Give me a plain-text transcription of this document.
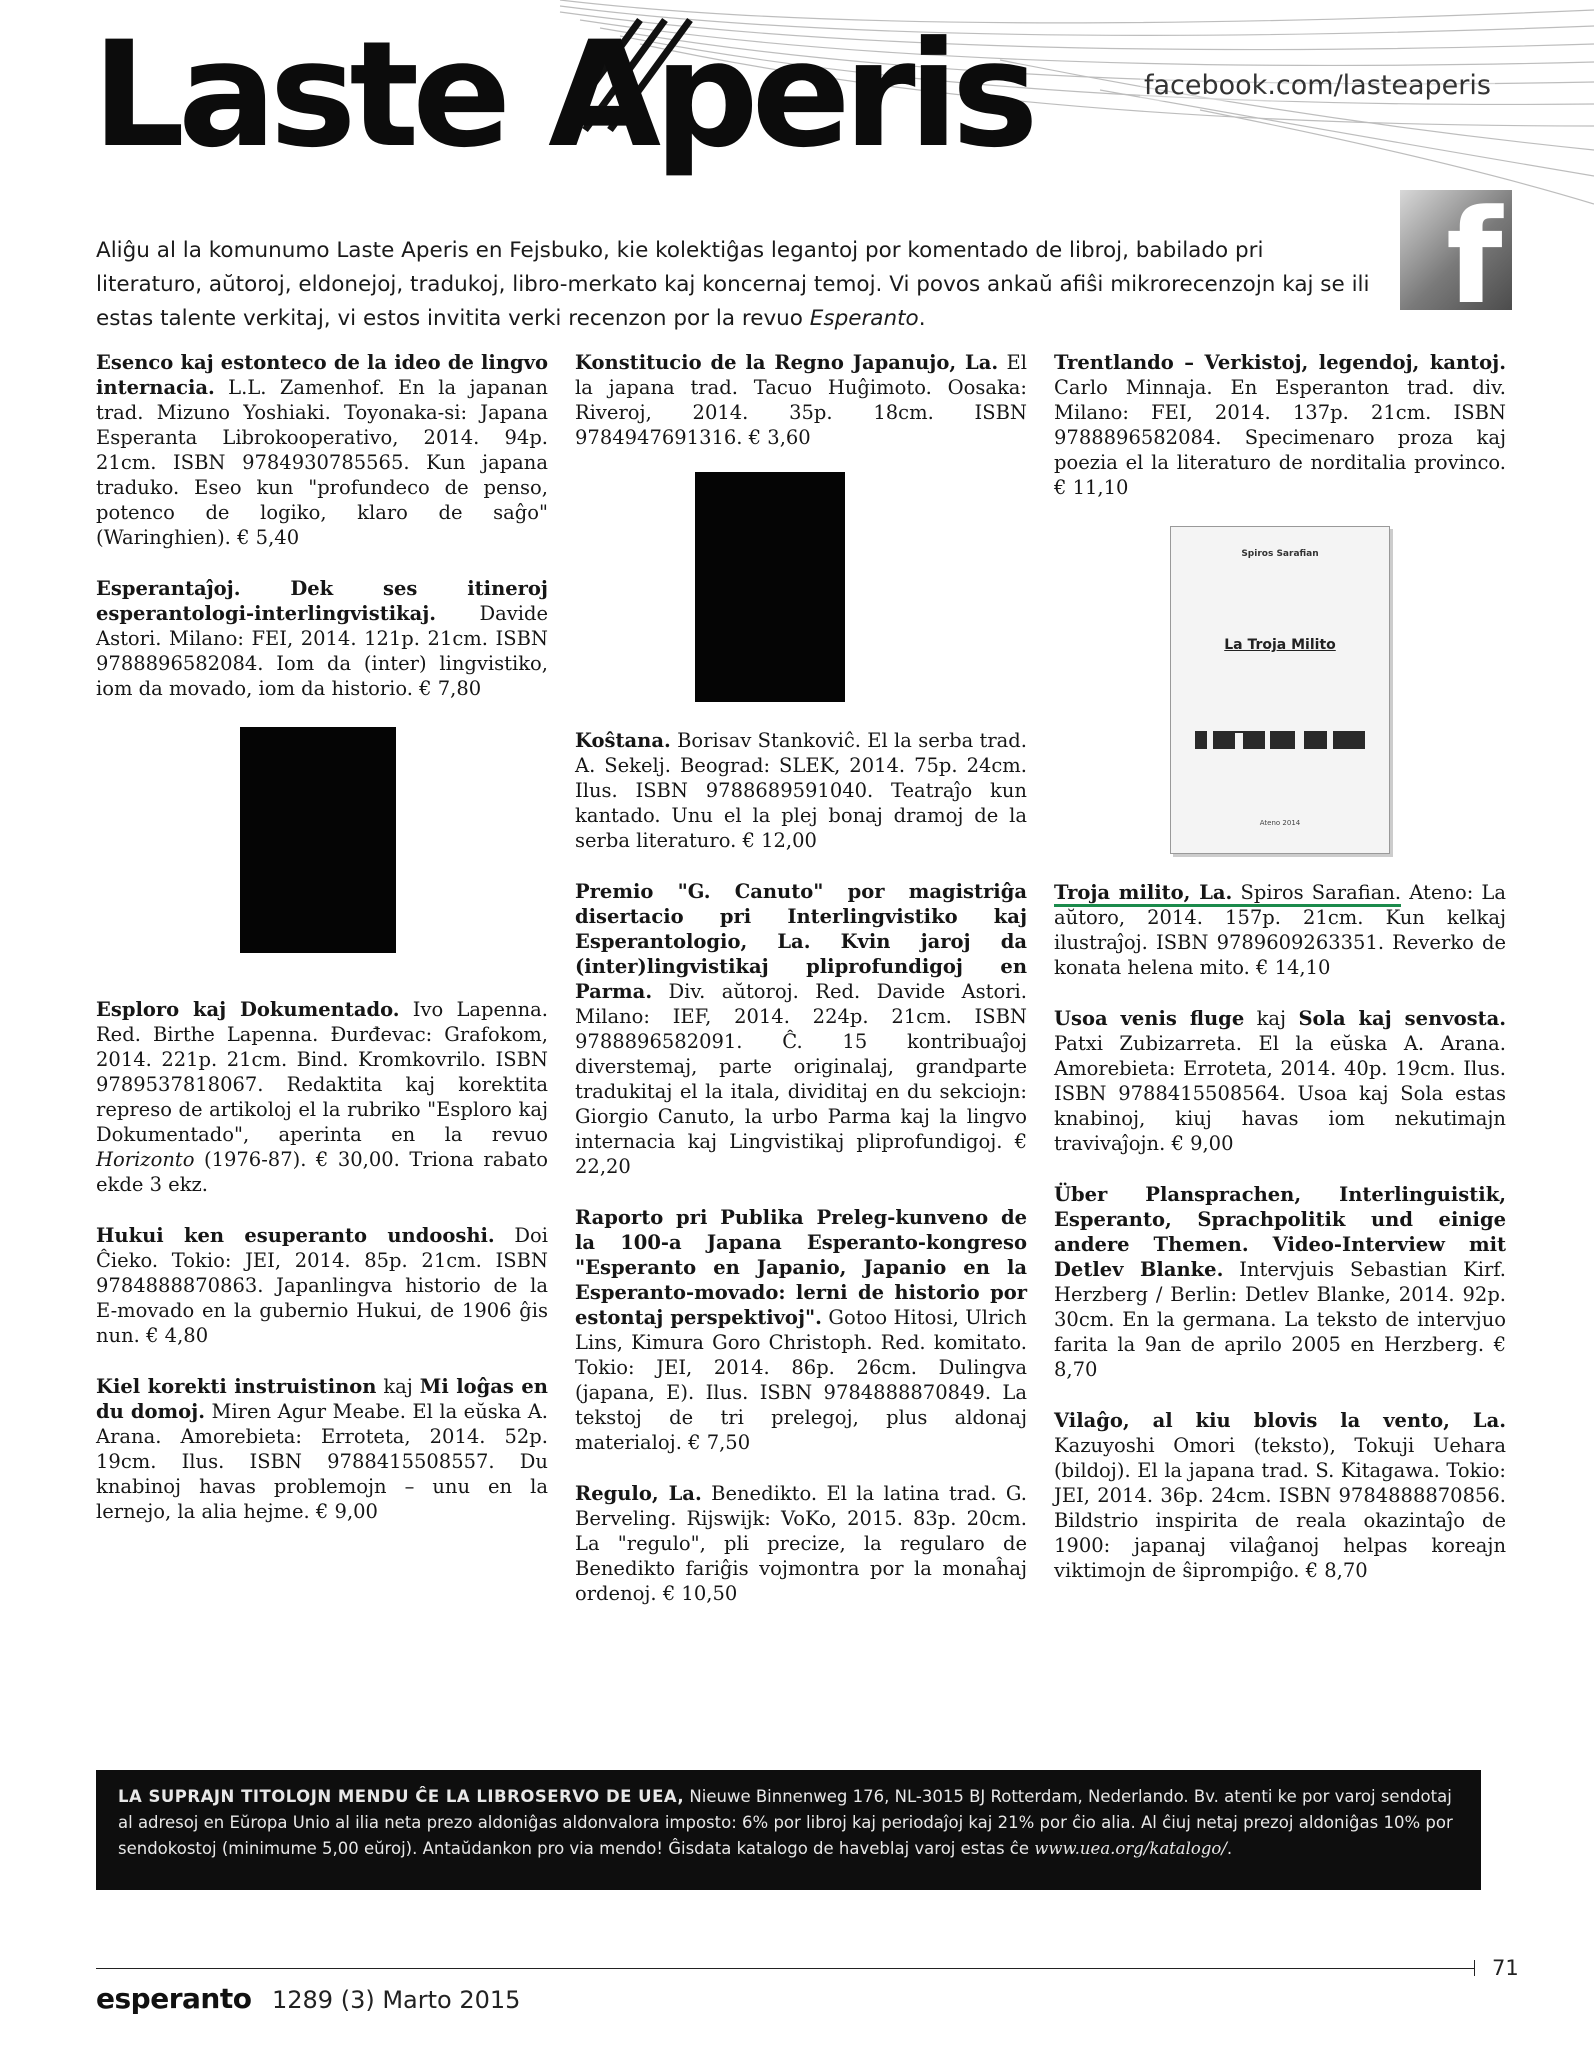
Laste Aperis	facebook.com/lasteaperis

Aliĝu al la komunumo Laste Aperis en Fejsbuko, kie kolektiĝas legantoj por komentado de libroj, babilado pri literaturo, aŭtoroj, eldonejoj, tradukoj, libro-merkato kaj koncernaj temoj. Vi povos ankaŭ afiŝi mikrorecenzojn kaj se ili estas talente verkitaj, vi estos invitita verki recenzon por la revuo Esperanto.	f

Esenco kaj estonteco de la ideo de lingvo internacia. L.L. Zamenhof. En la japanan trad. Mizuno Yoshiaki. Toyonaka-si: Japana Esperanta Librokooperativo, 2014. 94p. 21cm. ISBN 9784930785565. Kun japana traduko. Eseo kun "profundeco de penso, potenco de logiko, klaro de saĝo" (Waringhien). € 5,40

Esperantaĵoj. Dek ses itineroj esperantologi-interlingvistikaj. Davide Astori. Milano: FEI, 2014. 121p. 21cm. ISBN 9788896582084. Iom da (inter) lingvistiko, iom da movado, iom da historio. € 7,80

Esploro kaj Dokumentado. Ivo Lapenna. Red. Birthe Lapenna. Đurđevac: Grafokom, 2014. 221p. 21cm. Bind. Kromkovrilo. ISBN 9789537818067. Redaktita kaj korektita represo de artikoloj el la rubriko "Esploro kaj Dokumentado", aperinta en la revuo Horizonto (1976-87). € 30,00. Triona rabato ekde 3 ekz.

Hukui ken esuperanto undooshi. Doi Ĉieko. Tokio: JEI, 2014. 85p. 21cm. ISBN 9784888870863. Japanlingva historio de la E-movado en la gubernio Hukui, de 1906 ĝis nun. € 4,80

Kiel korekti instruistinon kaj Mi loĝas en du domoj. Miren Agur Meabe. El la eŭska A. Arana. Amorebieta: Erroteta, 2014. 52p. 19cm. Ilus. ISBN 9788415508557. Du knabinoj havas problemojn – unu en la lernejo, la alia hejme. € 9,00

Konstitucio de la Regno Japanujo, La. El la japana trad. Tacuo Huĝimoto. Oosaka: Riveroj, 2014. 35p. 18cm. ISBN 9784947691316. € 3,60

Koŝtana. Borisav Stankoviĉ. El la serba trad. A. Sekelj. Beograd: SLEK, 2014. 75p. 24cm. Ilus. ISBN 9788689591040. Teatraĵo kun kantado. Unu el la plej bonaj dramoj de la serba literaturo. € 12,00

Premio "G. Canuto" por magistriĝa disertacio pri Interlingvistiko kaj Esperantologio, La. Kvin jaroj da (inter)lingvistikaj pliprofundigoj en Parma. Div. aŭtoroj. Red. Davide Astori. Milano: IEF, 2014. 224p. 21cm. ISBN 9788896582091. Ĉ. 15 kontribuaĵoj diverstemaj, parte originalaj, grandparte tradukitaj el la itala, dividitaj en du sekciojn: Giorgio Canuto, la urbo Parma kaj la lingvo internacia kaj Lingvistikaj pliprofundigoj. € 22,20

Raporto pri Publika Preleg-kunveno de la 100-a Japana Esperanto-kongreso "Esperanto en Japanio, Japanio en la Esperanto-movado: lerni de historio por estontaj perspektivoj". Gotoo Hitosi, Ulrich Lins, Kimura Goro Christoph. Red. komitato. Tokio: JEI, 2014. 86p. 26cm. Dulingva (japana, E). Ilus. ISBN 9784888870849. La tekstoj de tri prelegoj, plus aldonaj materialoj. € 7,50

Regulo, La. Benedikto. El la latina trad. G. Berveling. Rijswijk: VoKo, 2015. 83p. 20cm. La "regulo", pli precize, la regularo de Benedikto fariĝis vojmontra por la monaĥaj ordenoj. € 10,50

Trentlando – Verkistoj, legendoj, kantoj. Carlo Minnaja. En Esperanton trad. div. Milano: FEI, 2014. 137p. 21cm. ISBN 9788896582084. Specimenaro proza kaj poezia el la literaturo de norditalia provinco. € 11,10

Spiros Sarafian
La Troja Milito
Ateno 2014

Troja milito, La. Spiros Sarafian. Ateno: La aŭtoro, 2014. 157p. 21cm. Kun kelkaj ilustraĵoj. ISBN 9789609263351. Reverko de konata helena mito. € 14,10

Usoa venis fluge kaj Sola kaj senvosta. Patxi Zubizarreta. El la eŭska A. Arana. Amorebieta: Erroteta, 2014. 40p. 19cm. Ilus. ISBN 9788415508564. Usoa kaj Sola estas knabinoj, kiuj havas iom nekutimajn travivaĵojn. € 9,00

Über Plansprachen, Interlinguistik, Esperanto, Sprachpolitik und einige andere Themen. Video-Interview mit Detlev Blanke. Intervjuis Sebastian Kirf. Herzberg / Berlin: Detlev Blanke, 2014. 92p. 30cm. En la germana. La teksto de intervjuo farita la 9an de aprilo 2005 en Herzberg. € 8,70

Vilaĝo, al kiu blovis la vento, La. Kazuyoshi Omori (teksto), Tokuji Uehara (bildoj). El la japana trad. S. Kitagawa. Tokio: JEI, 2014. 36p. 24cm. ISBN 9784888870856. Bildstrio inspirita de reala okazintaĵo de 1900: japanaj vilaĝanoj helpas koreajn viktimojn de ŝiprompiĝo. € 8,70

LA SUPRAJN TITOLOJN MENDU ĈE LA LIBROSERVO DE UEA, Nieuwe Binnenweg 176, NL-3015 BJ Rotterdam, Nederlando. Bv. atenti ke por varoj sendotaj al adresoj en Eŭropa Unio al ilia neta prezo aldoniĝas aldonvalora imposto: 6% por libroj kaj periodaĵoj kaj 21% por ĉio alia. Al ĉiuj netaj prezoj aldoniĝas 10% por sendokostoj (minimume 5,00 eŭroj). Antaŭdankon pro via mendo! Ĝisdata katalogo de haveblaj varoj estas ĉe www.uea.org/katalogo/.
esperanto 1289 (3) Marto 2015
71
